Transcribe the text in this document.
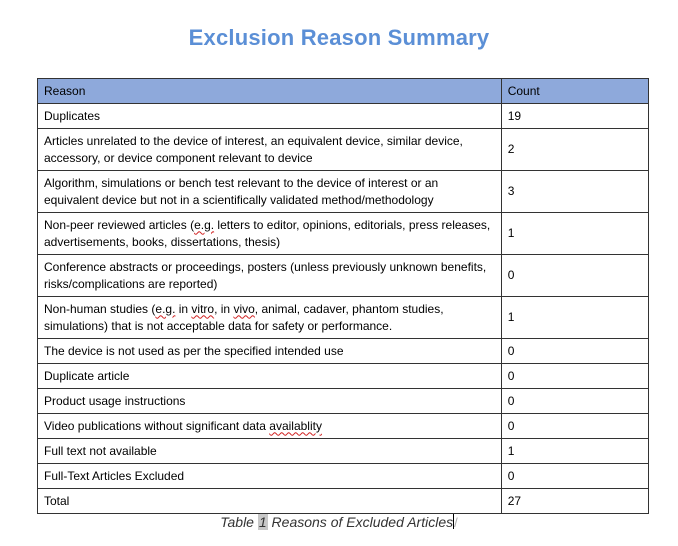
Exclusion Reason Summary
Reason	Count
Duplicates	19
Articles unrelated to the device of interest, an equivalent device, similar device, accessory, or device component relevant to device	2
Algorithm, simulations or bench test relevant to the device of interest or an equivalent device but not in a scientifically validated method/methodology	3
Non-peer reviewed articles (e.g. letters to editor, opinions, editorials, press releases, advertisements, books, dissertations, thesis)	1
Conference abstracts or proceedings, posters (unless previously unknown benefits, risks/complications are reported)	0
Non-human studies (e.g. in vitro, in vivo, animal, cadaver, phantom studies, simulations) that is not acceptable data for safety or performance.	1
The device is not used as per the specified intended use	0
Duplicate article	0
Product usage instructions	0
Video publications without significant data availablity	0
Full text not available	1
Full-Text Articles Excluded	0
Total	27
Table 1 Reasons of Excluded Articles/
